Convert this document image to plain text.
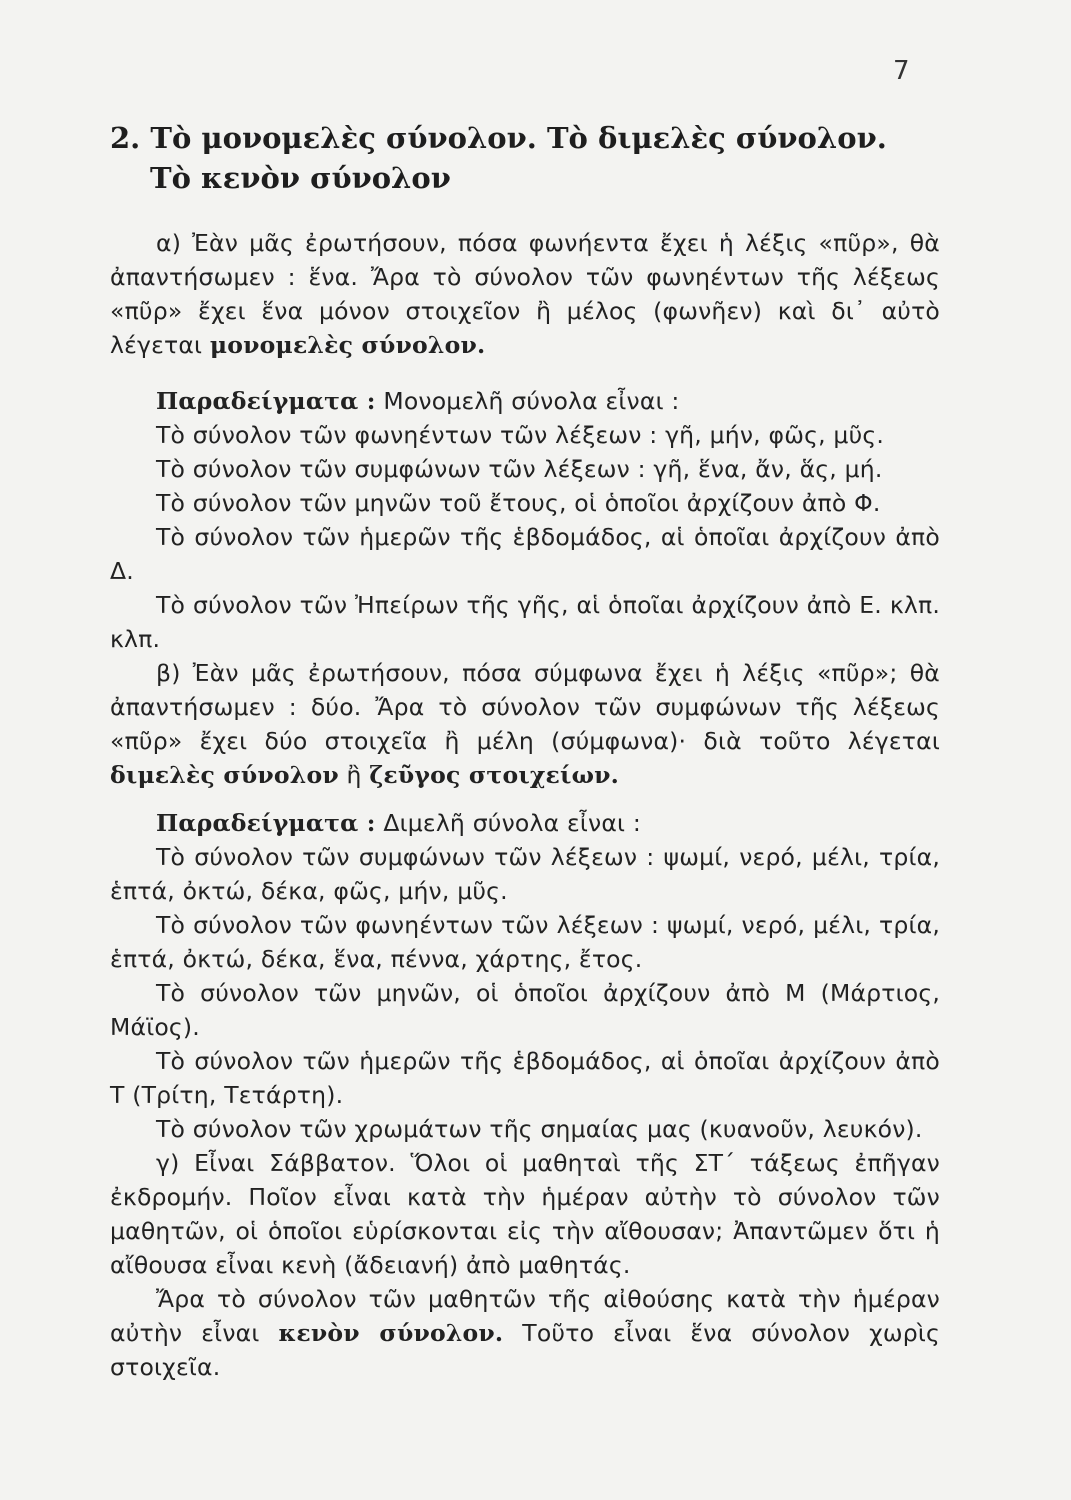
7
2. Τὸ μονομελὲς σύνολον. Τὸ διμελὲς σύνολον.
Τὸ κενὸν σύνολον

α) Ἐὰν μᾶς ἐρωτήσουν, πόσα φωνήεντα ἔχει ἡ λέξις «πῦρ», θὰ ἀπαντήσωμεν : ἕνα. Ἄρα τὸ σύνολον τῶν φωνηέντων τῆς λέξεως «πῦρ» ἔχει ἕνα μόνον στοιχεῖον ἢ μέλος (φωνῆεν) καὶ δι᾽ αὐτὸ λέγεται μονομελὲς σύνολον.

Παραδείγματα : Μονομελῆ σύνολα εἶναι :

Τὸ σύνολον τῶν φωνηέντων τῶν λέξεων : γῆ, μήν, φῶς, μῦς.

Τὸ σύνολον τῶν συμφώνων τῶν λέξεων : γῆ, ἕνα, ἄν, ἅς, μή.

Τὸ σύνολον τῶν μηνῶν τοῦ ἔτους, οἱ ὁποῖοι ἀρχίζουν ἀπὸ Φ.

Τὸ σύνολον τῶν ἡμερῶν τῆς ἑβδομάδος, αἱ ὁποῖαι ἀρχίζουν ἀπὸ Δ.

Τὸ σύνολον τῶν Ἠπείρων τῆς γῆς, αἱ ὁποῖαι ἀρχίζουν ἀπὸ Ε. κλπ. κλπ.

β) Ἐὰν μᾶς ἐρωτήσουν, πόσα σύμφωνα ἔχει ἡ λέξις «πῦρ»; θὰ ἀπαντήσωμεν : δύο. Ἄρα τὸ σύνολον τῶν συμφώνων τῆς λέξεως «πῦρ» ἔχει δύο στοιχεῖα ἢ μέλη (σύμφωνα)· διὰ τοῦτο λέγεται διμελὲς σύνολον ἢ ζεῦγος στοιχείων.

Παραδείγματα : Διμελῆ σύνολα εἶναι :

Τὸ σύνολον τῶν συμφώνων τῶν λέξεων : ψωμί, νερό, μέλι, τρία, ἑπτά, ὀκτώ, δέκα, φῶς, μήν, μῦς.

Τὸ σύνολον τῶν φωνηέντων τῶν λέξεων : ψωμί, νερό, μέλι, τρία, ἑπτά, ὀκτώ, δέκα, ἕνα, πέννα, χάρτης, ἔτος.

Τὸ σύνολον τῶν μηνῶν, οἱ ὁποῖοι ἀρχίζουν ἀπὸ Μ (Μάρτιος, Μάϊος).

Τὸ σύνολον τῶν ἡμερῶν τῆς ἑβδομάδος, αἱ ὁποῖαι ἀρχίζουν ἀπὸ Τ (Τρίτη, Τετάρτη).

Τὸ σύνολον τῶν χρωμάτων τῆς σημαίας μας (κυανοῦν, λευκόν).

γ) Εἶναι Σάββατον. Ὅλοι οἱ μαθηταὶ τῆς ΣΤ´ τάξεως ἐπῆγαν ἐκδρομήν. Ποῖον εἶναι κατὰ τὴν ἡμέραν αὐτὴν τὸ σύνολον τῶν μαθητῶν, οἱ ὁποῖοι εὑρίσκονται εἰς τὴν αἴθουσαν; Ἀπαντῶμεν ὅτι ἡ αἴθουσα εἶναι κενὴ (ἄδειανή) ἀπὸ μαθητάς.

Ἄρα τὸ σύνολον τῶν μαθητῶν τῆς αἰθούσης κατὰ τὴν ἡμέραν αὐτὴν εἶναι κενὸν σύνολον. Τοῦτο εἶναι ἕνα σύνολον χωρὶς στοιχεῖα.
